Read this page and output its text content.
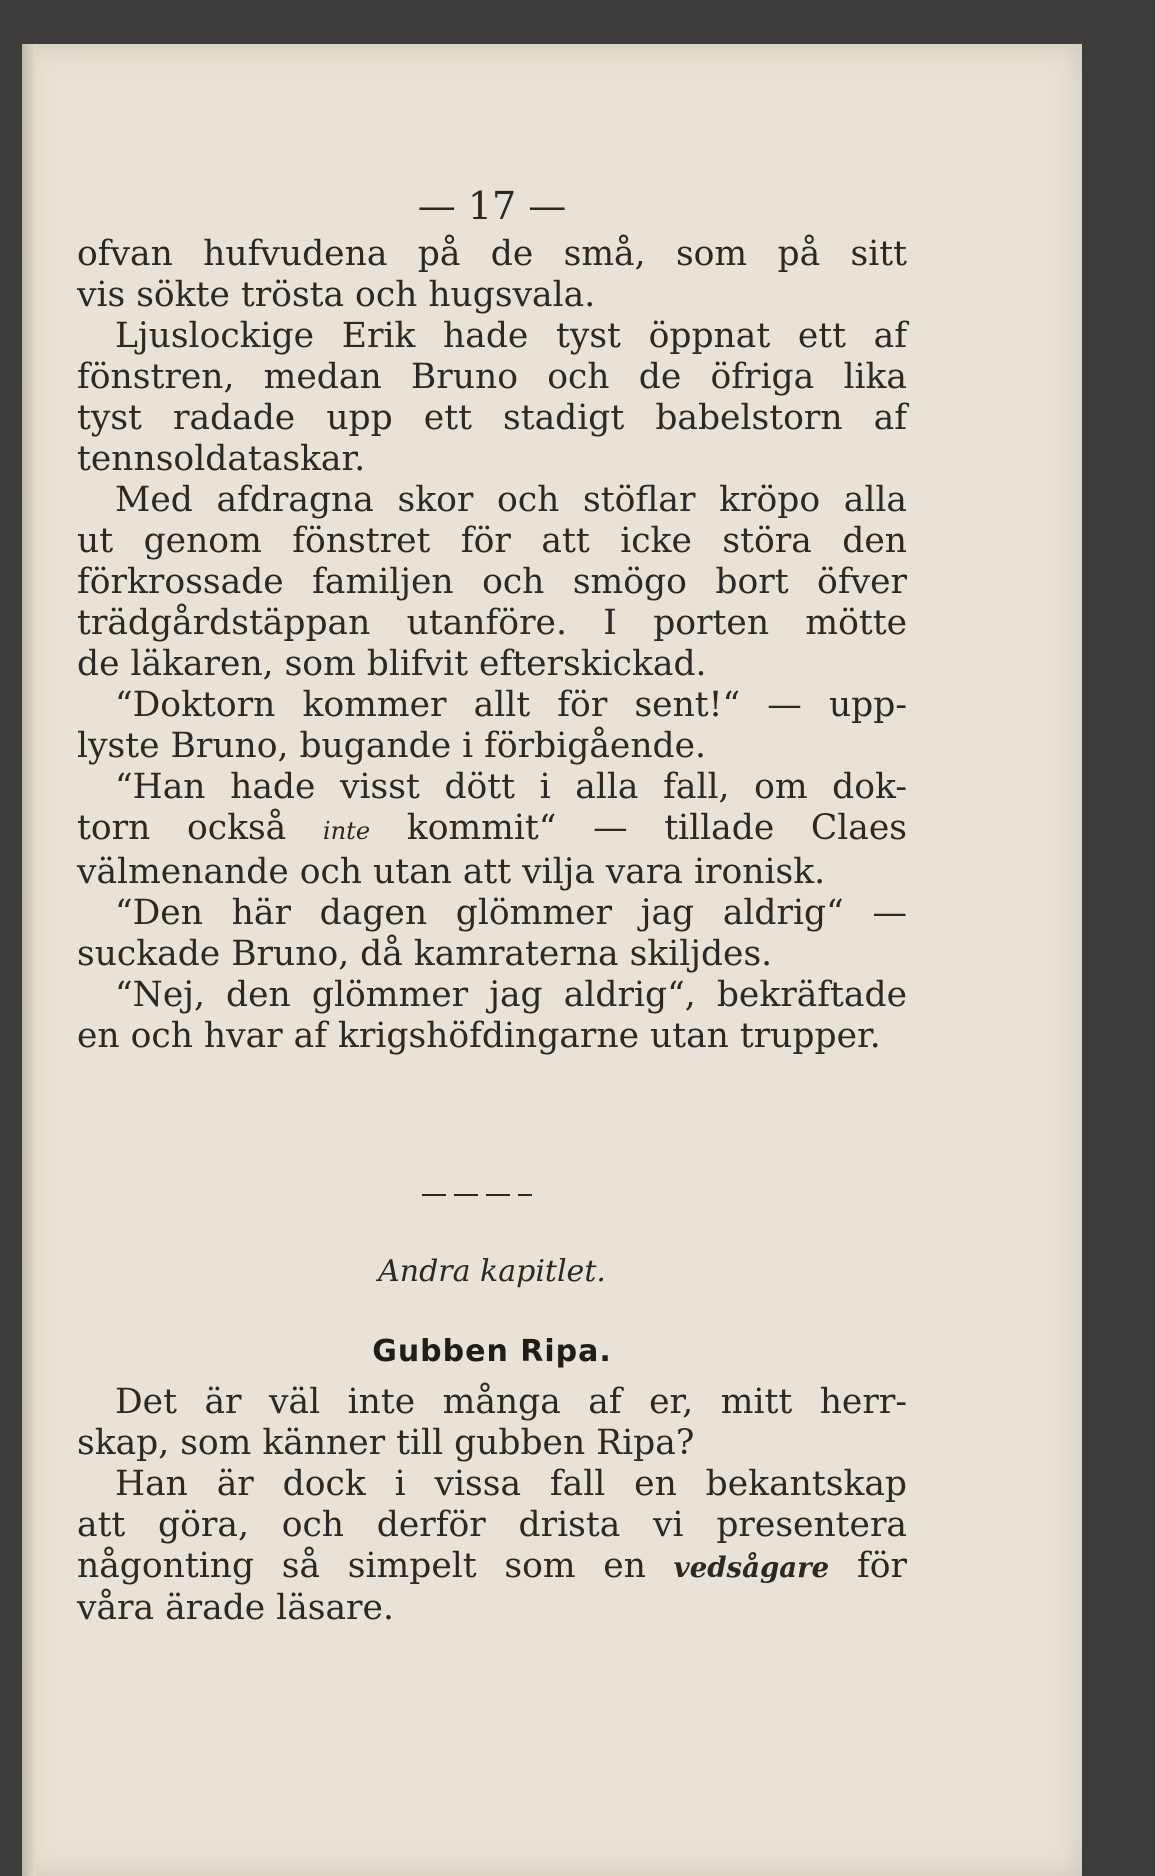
— 17 —
ofvan hufvudena på de små, som på sitt
vis sökte trösta och hugsvala.
Ljuslockige Erik hade tyst öppnat ett af
fönstren, medan Bruno och de öfriga lika
tyst radade upp ett stadigt babelstorn af
tennsoldataskar.
Med afdragna skor och stöflar kröpo alla
ut genom fönstret för att icke störa den
förkrossade familjen och smögo bort öfver
trädgårdstäppan utanföre. I porten mötte
de läkaren, som blifvit efterskickad.
“Doktorn kommer allt för sent!“ — upp-
lyste Bruno, bugande i förbigående.
“Han hade visst dött i alla fall, om dok-
torn också inte kommit“ — tillade Claes
välmenande och utan att vilja vara ironisk.
“Den här dagen glömmer jag aldrig“ —
suckade Bruno, då kamraterna skiljdes.
“Nej, den glömmer jag aldrig“, bekräftade
en och hvar af krigshöfdingarne utan trupper.
Andra kapitlet.
Gubben Ripa.
Det är väl inte många af er, mitt herr-
skap, som känner till gubben Ripa?
Han är dock i vissa fall en bekantskap
att göra, och derför drista vi presentera
någonting så simpelt som en vedsågare för
våra ärade läsare.
